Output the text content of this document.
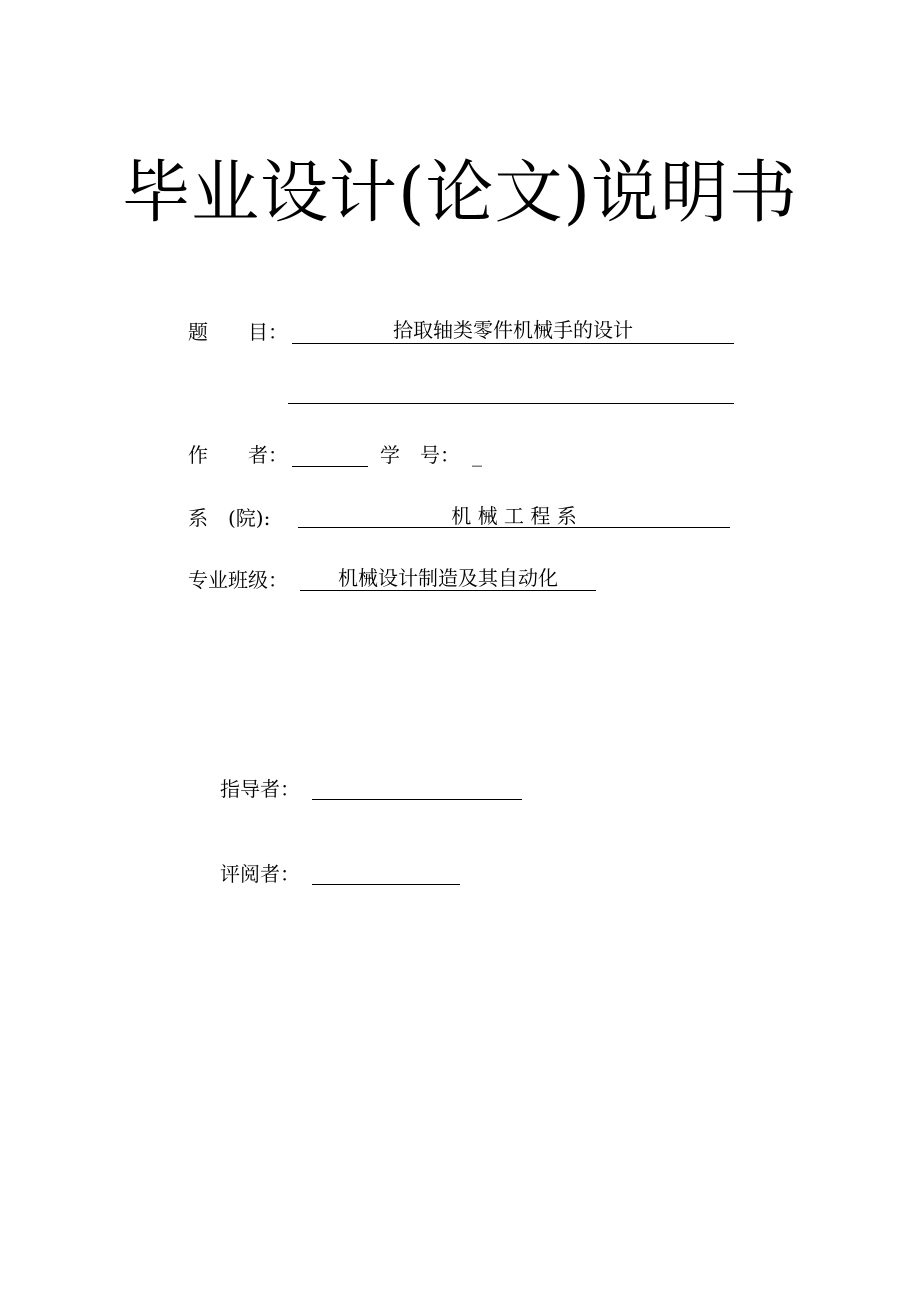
毕业设计(论文)说明书
题　　目：	拾取轴类零件机械手的设计
作　　者：	学　号： _
系　(院):	机 械 工 程 系
专业班级：	机械设计制造及其自动化
指导者：
评阅者：
